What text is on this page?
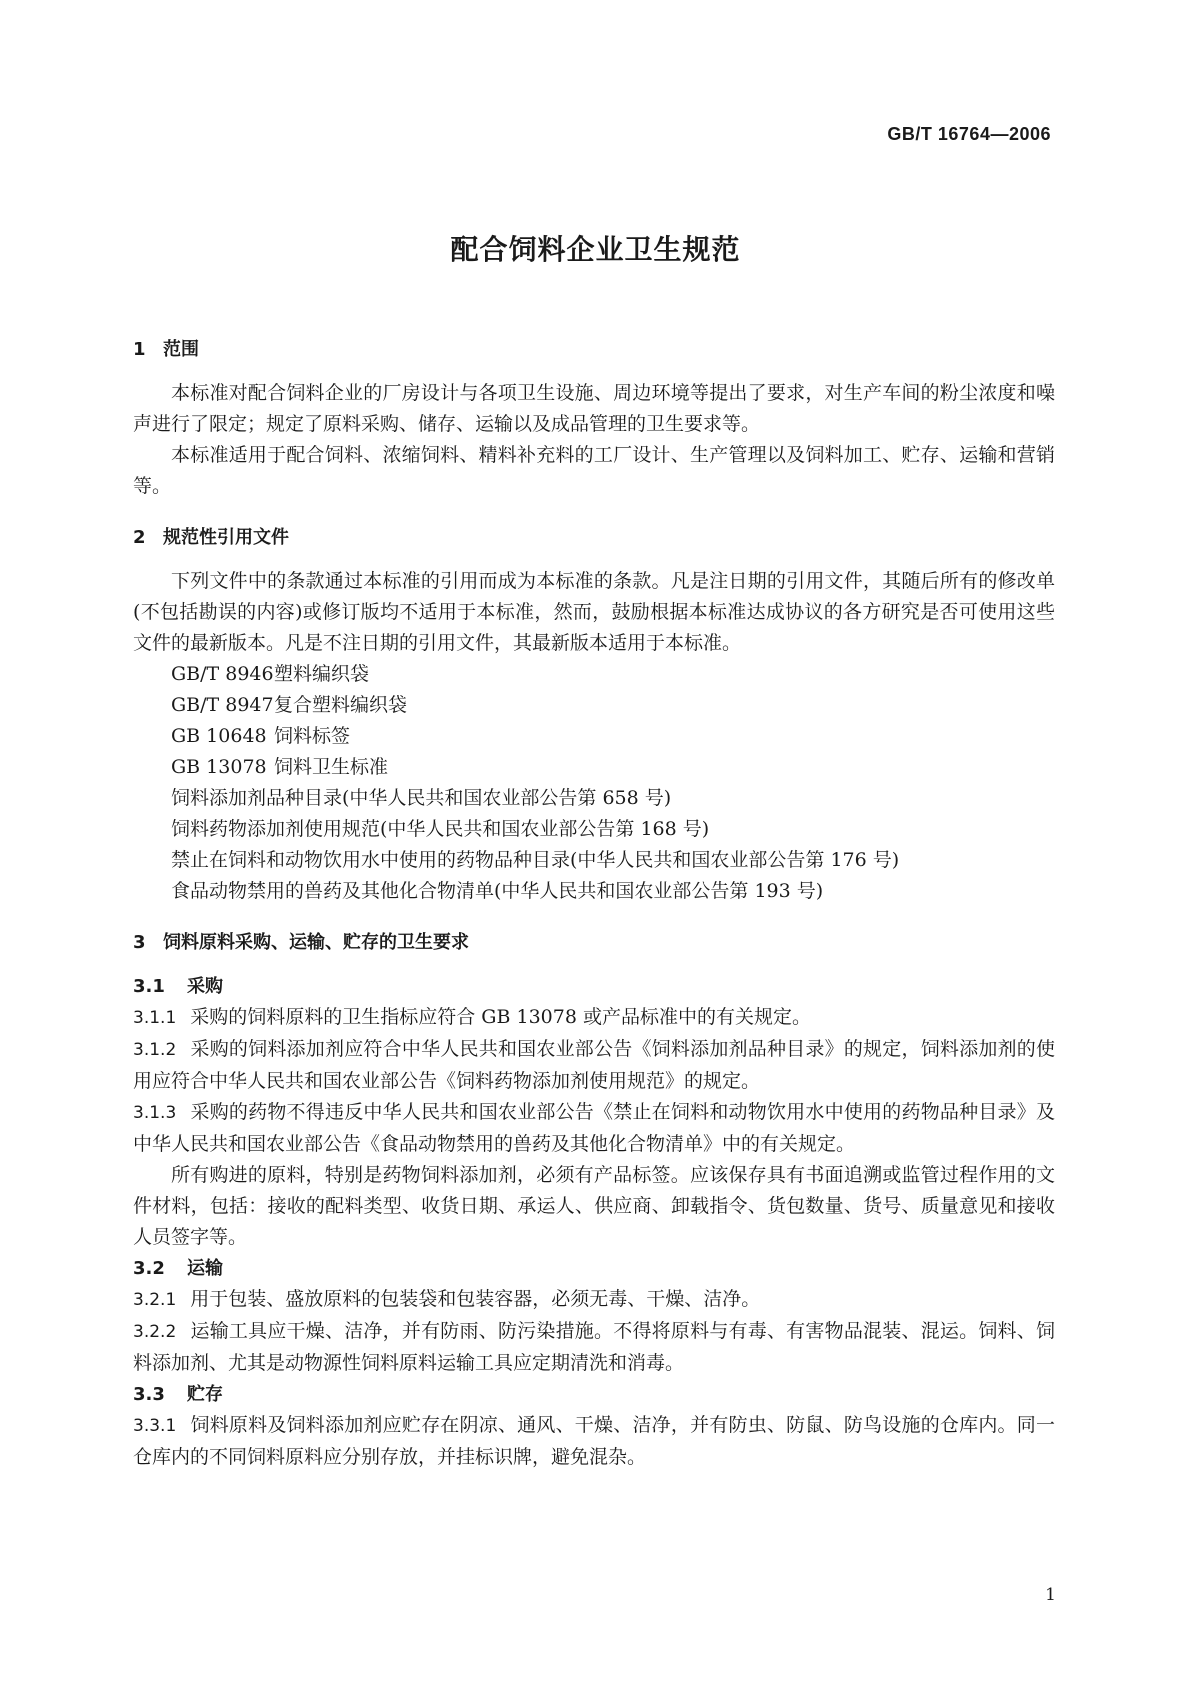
GB/T 16764—2006
配合饲料企业卫生规范
1 范围

本标准对配合饲料企业的厂房设计与各项卫生设施、周边环境等提出了要求，对生产车间的粉尘浓度和噪声进行了限定；规定了原料采购、储存、运输以及成品管理的卫生要求等。

本标准适用于配合饲料、浓缩饲料、精料补充料的工厂设计、生产管理以及饲料加工、贮存、运输和营销等。

2 规范性引用文件

下列文件中的条款通过本标准的引用而成为本标准的条款。凡是注日期的引用文件，其随后所有的修改单(不包括勘误的内容)或修订版均不适用于本标准，然而，鼓励根据本标准达成协议的各方研究是否可使用这些文件的最新版本。凡是不注日期的引用文件，其最新版本适用于本标准。

GB/T 8946塑料编织袋

GB/T 8947复合塑料编织袋

GB 10648 饲料标签

GB 13078 饲料卫生标准

饲料添加剂品种目录(中华人民共和国农业部公告第 658 号)

饲料药物添加剂使用规范(中华人民共和国农业部公告第 168 号)

禁止在饲料和动物饮用水中使用的药物品种目录(中华人民共和国农业部公告第 176 号)

食品动物禁用的兽药及其他化合物清单(中华人民共和国农业部公告第 193 号)

3 饲料原料采购、运输、贮存的卫生要求
3.1	采购

3.1.1 采购的饲料原料的卫生指标应符合 GB 13078 或产品标准中的有关规定。

3.1.2 采购的饲料添加剂应符合中华人民共和国农业部公告《饲料添加剂品种目录》的规定，饲料添加剂的使用应符合中华人民共和国农业部公告《饲料药物添加剂使用规范》的规定。

3.1.3 采购的药物不得违反中华人民共和国农业部公告《禁止在饲料和动物饮用水中使用的药物品种目录》及中华人民共和国农业部公告《食品动物禁用的兽药及其他化合物清单》中的有关规定。

所有购进的原料，特别是药物饲料添加剂，必须有产品标签。应该保存具有书面追溯或监管过程作用的文件材料，包括：接收的配料类型、收货日期、承运人、供应商、卸载指令、货包数量、货号、质量意见和接收人员签字等。

3.2	运输

3.2.1 用于包装、盛放原料的包装袋和包装容器，必须无毒、干燥、洁净。

3.2.2 运输工具应干燥、洁净，并有防雨、防污染措施。不得将原料与有毒、有害物品混装、混运。饲料、饲料添加剂、尤其是动物源性饲料原料运输工具应定期清洗和消毒。

3.3	贮存

3.3.1 饲料原料及饲料添加剂应贮存在阴凉、通风、干燥、洁净，并有防虫、防鼠、防鸟设施的仓库内。同一仓库内的不同饲料原料应分别存放，并挂标识牌，避免混杂。

1
